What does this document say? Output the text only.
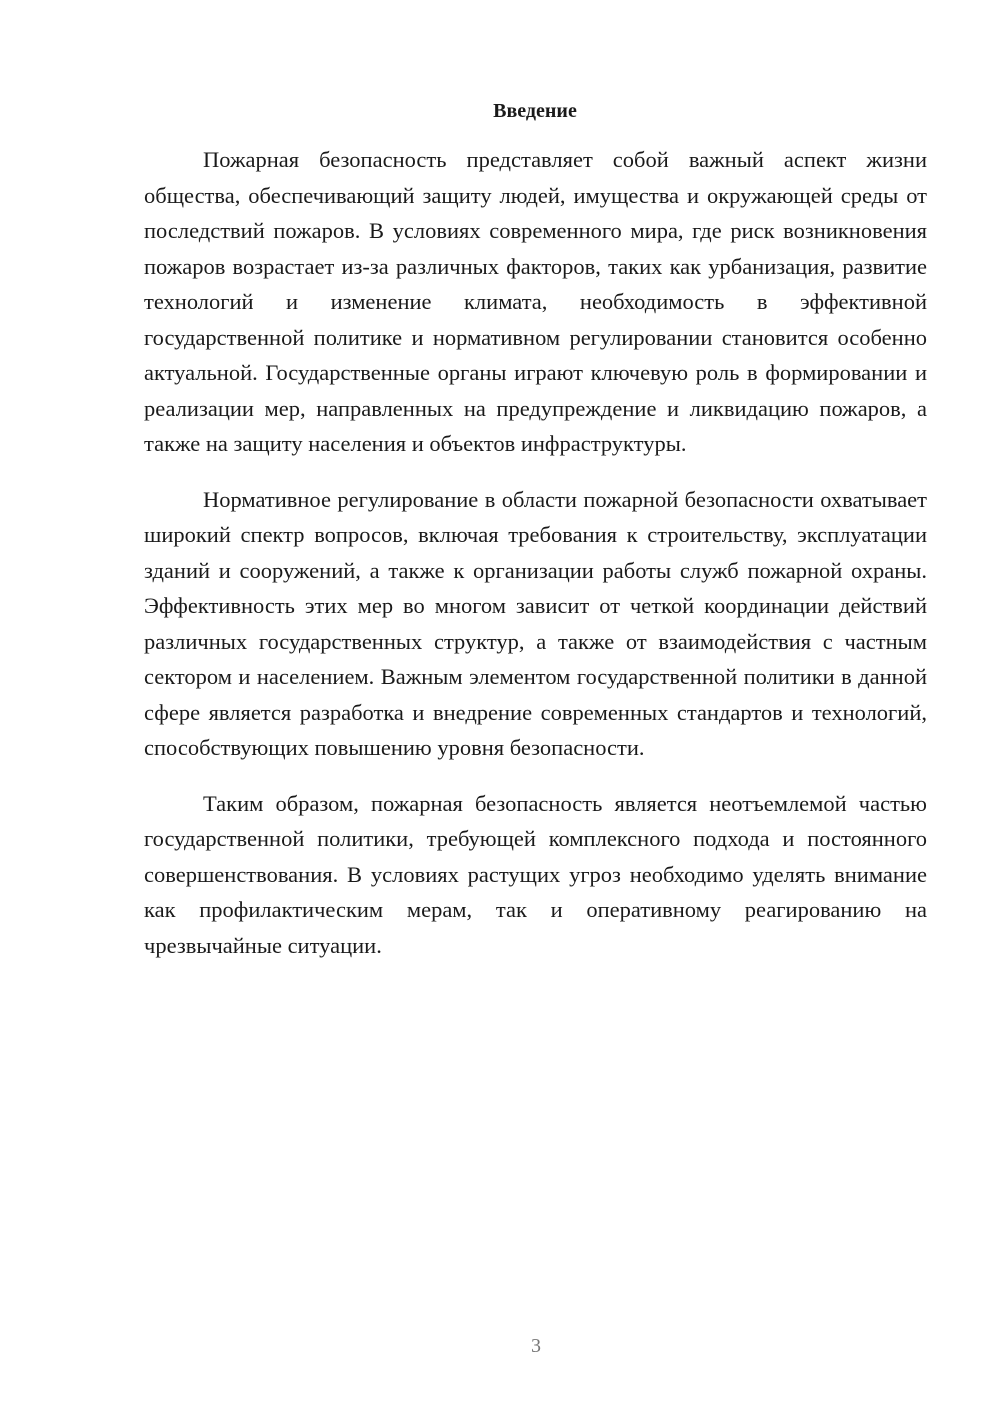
Введение

Пожарная безопасность представляет собой важный аспект жизни общества, обеспечивающий защиту людей, имущества и окружающей среды от последствий пожаров. В условиях современного мира, где риск возникновения пожаров возрастает из-за различных факторов, таких как урбанизация, развитие технологий и изменение климата, необходимость в эффективной государственной политике и нормативном регулировании становится особенно актуальной. Государственные органы играют ключевую роль в формировании и реализации мер, направленных на предупреждение и ликвидацию пожаров, а также на защиту населения и объектов инфраструктуры.

Нормативное регулирование в области пожарной безопасности охватывает широкий спектр вопросов, включая требования к строительству, эксплуатации зданий и сооружений, а также к организации работы служб пожарной охраны. Эффективность этих мер во многом зависит от четкой координации действий различных государственных структур, а также от взаимодействия с частным сектором и населением. Важным элементом государственной политики в данной сфере является разработка и внедрение современных стандартов и технологий, способствующих повышению уровня безопасности.

Таким образом, пожарная безопасность является неотъемлемой частью государственной политики, требующей комплексного подхода и постоянного совершенствования. В условиях растущих угроз необходимо уделять внимание как профилактическим мерам, так и оперативному реагированию на чрезвычайные ситуации.

3
